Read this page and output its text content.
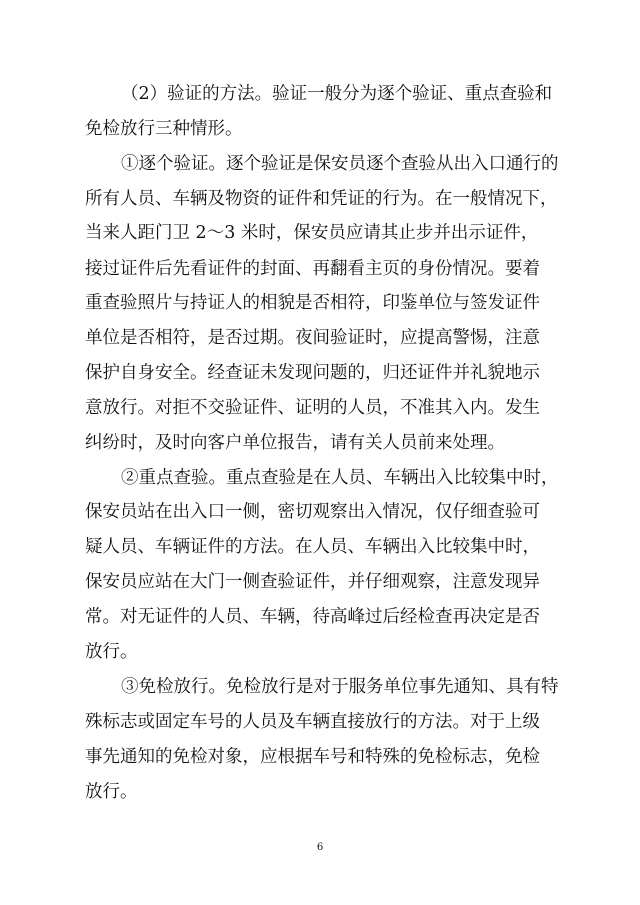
（2）验证的方法。验证一般分为逐个验证、重点查验和
免检放行三种情形。
①逐个验证。逐个验证是保安员逐个查验从出入口通行的
所有人员、车辆及物资的证件和凭证的行为。在一般情况下，
当来人距门卫 2～3 米时，保安员应请其止步并出示证件，
接过证件后先看证件的封面、再翻看主页的身份情况。要着
重查验照片与持证人的相貌是否相符，印鉴单位与签发证件
单位是否相符，是否过期。夜间验证时，应提高警惕，注意
保护自身安全。经查证未发现问题的，归还证件并礼貌地示
意放行。对拒不交验证件、证明的人员，不准其入内。发生
纠纷时，及时向客户单位报告，请有关人员前来处理。
②重点查验。重点查验是在人员、车辆出入比较集中时，
保安员站在出入口一侧，密切观察出入情况，仅仔细查验可
疑人员、车辆证件的方法。在人员、车辆出入比较集中时，
保安员应站在大门一侧查验证件，并仔细观察，注意发现异
常。对无证件的人员、车辆，待高峰过后经检查再决定是否
放行。
③免检放行。免检放行是对于服务单位事先通知、具有特
殊标志或固定车号的人员及车辆直接放行的方法。对于上级
事先通知的免检对象，应根据车号和特殊的免检标志，免检
放行。
6
